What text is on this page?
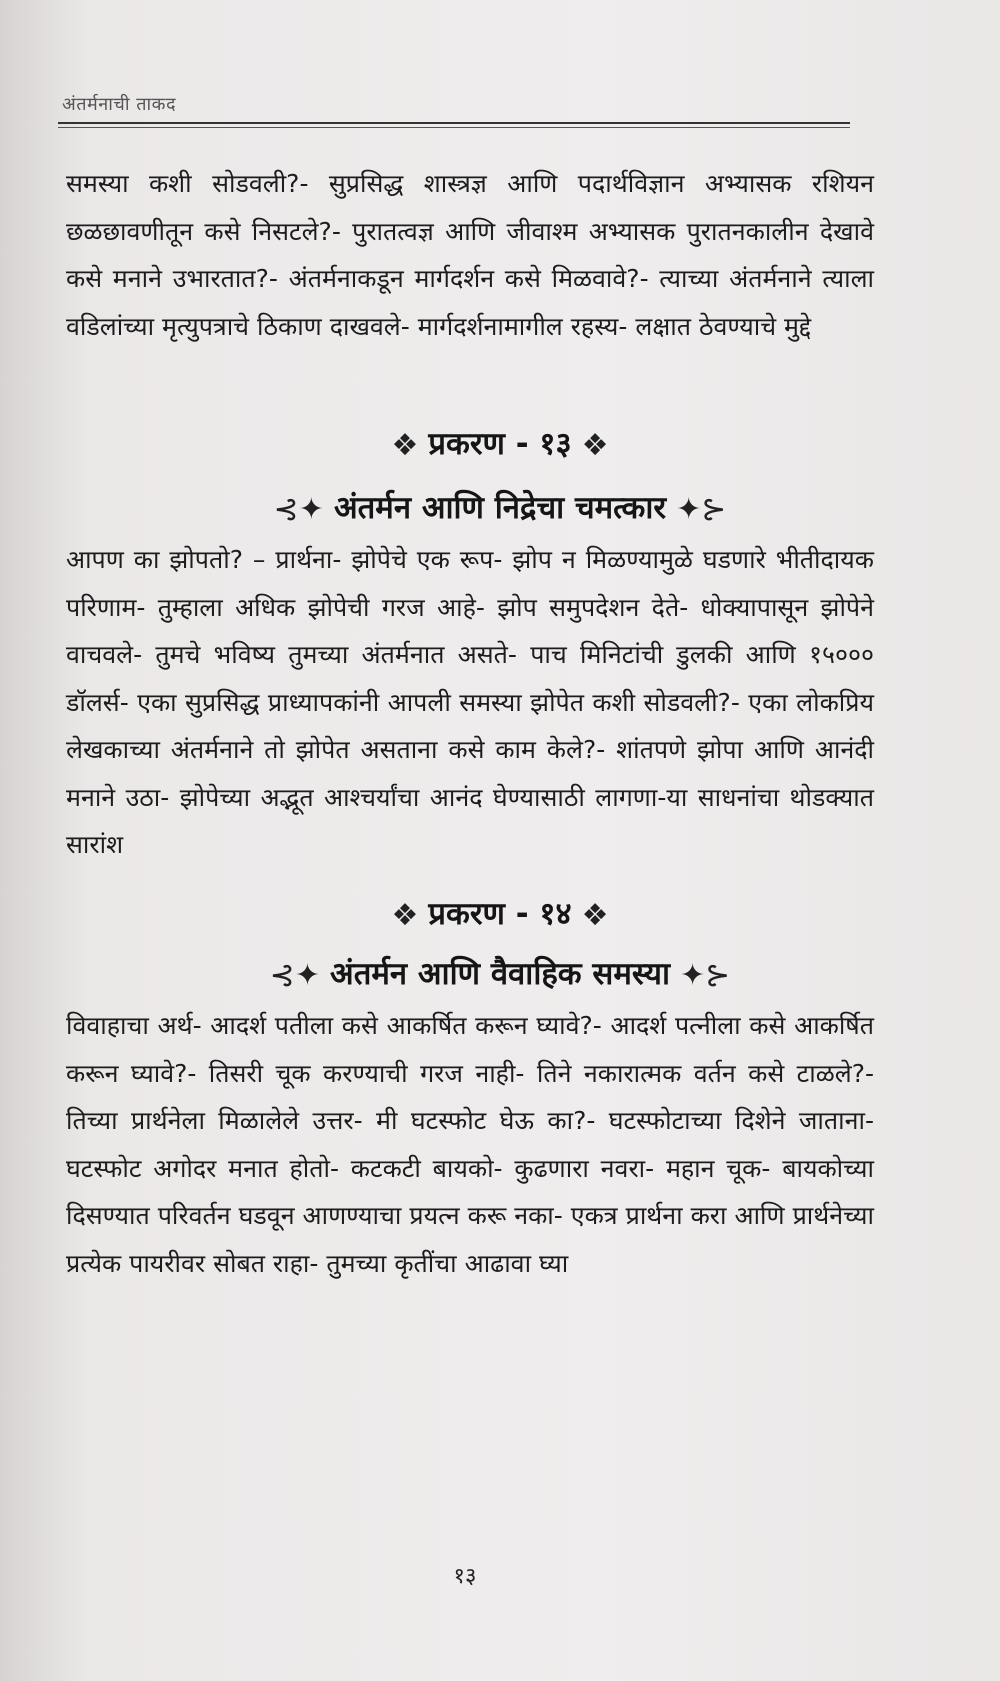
अंतर्मनाची ताकद
समस्या कशी सोडवली?- सुप्रसिद्ध शास्त्रज्ञ आणि पदार्थविज्ञान अभ्यासक रशियन छळछावणीतून कसे निसटले?- पुरातत्वज्ञ आणि जीवाश्म अभ्यासक पुरातनकालीन देखावे कसे मनाने उभारतात?- अंतर्मनाकडून मार्गदर्शन कसे मिळवावे?- त्याच्या अंतर्मनाने त्याला वडिलांच्या मृत्युपत्राचे ठिकाण दाखवले- मार्गदर्शनामागील रहस्य- लक्षात ठेवण्याचे मुद्दे
❖ प्रकरण - १३ ❖
⊰✦ अंतर्मन आणि निद्रेचा चमत्कार ✦⊱
आपण का झोपतो? – प्रार्थना- झोपेचे एक रूप- झोप न मिळण्यामुळे घडणारे भीतीदायक परिणाम- तुम्हाला अधिक झोपेची गरज आहे- झोप समुपदेशन देते- धोक्यापासून झोपेने वाचवले- तुमचे भविष्य तुमच्या अंतर्मनात असते- पाच मिनिटांची डुलकी आणि १५००० डॉलर्स- एका सुप्रसिद्ध प्राध्यापकांनी आपली समस्या झोपेत कशी सोडवली?- एका लोकप्रिय लेखकाच्या अंतर्मनाने तो झोपेत असताना कसे काम केले?- शांतपणे झोपा आणि आनंदी मनाने उठा- झोपेच्या अद्भूत आश्चर्यांचा आनंद घेण्यासाठी लागणा-या साधनांचा थोडक्यात सारांश
❖ प्रकरण - १४ ❖
⊰✦ अंतर्मन आणि वैवाहिक समस्या ✦⊱
विवाहाचा अर्थ- आदर्श पतीला कसे आकर्षित करून घ्यावे?- आदर्श पत्नीला कसे आकर्षित करून घ्यावे?- तिसरी चूक करण्याची गरज नाही- तिने नकारात्मक वर्तन कसे टाळले?- तिच्या प्रार्थनेला मिळालेले उत्तर- मी घटस्फोट घेऊ का?- घटस्फोटाच्या दिशेने जाताना- घटस्फोट अगोदर मनात होतो- कटकटी बायको- कुढणारा नवरा- महान चूक- बायकोच्या दिसण्यात परिवर्तन घडवून आणण्याचा प्रयत्न करू नका- एकत्र प्रार्थना करा आणि प्रार्थनेच्या प्रत्येक पायरीवर सोबत राहा- तुमच्या कृतींचा आढावा घ्या
१३
